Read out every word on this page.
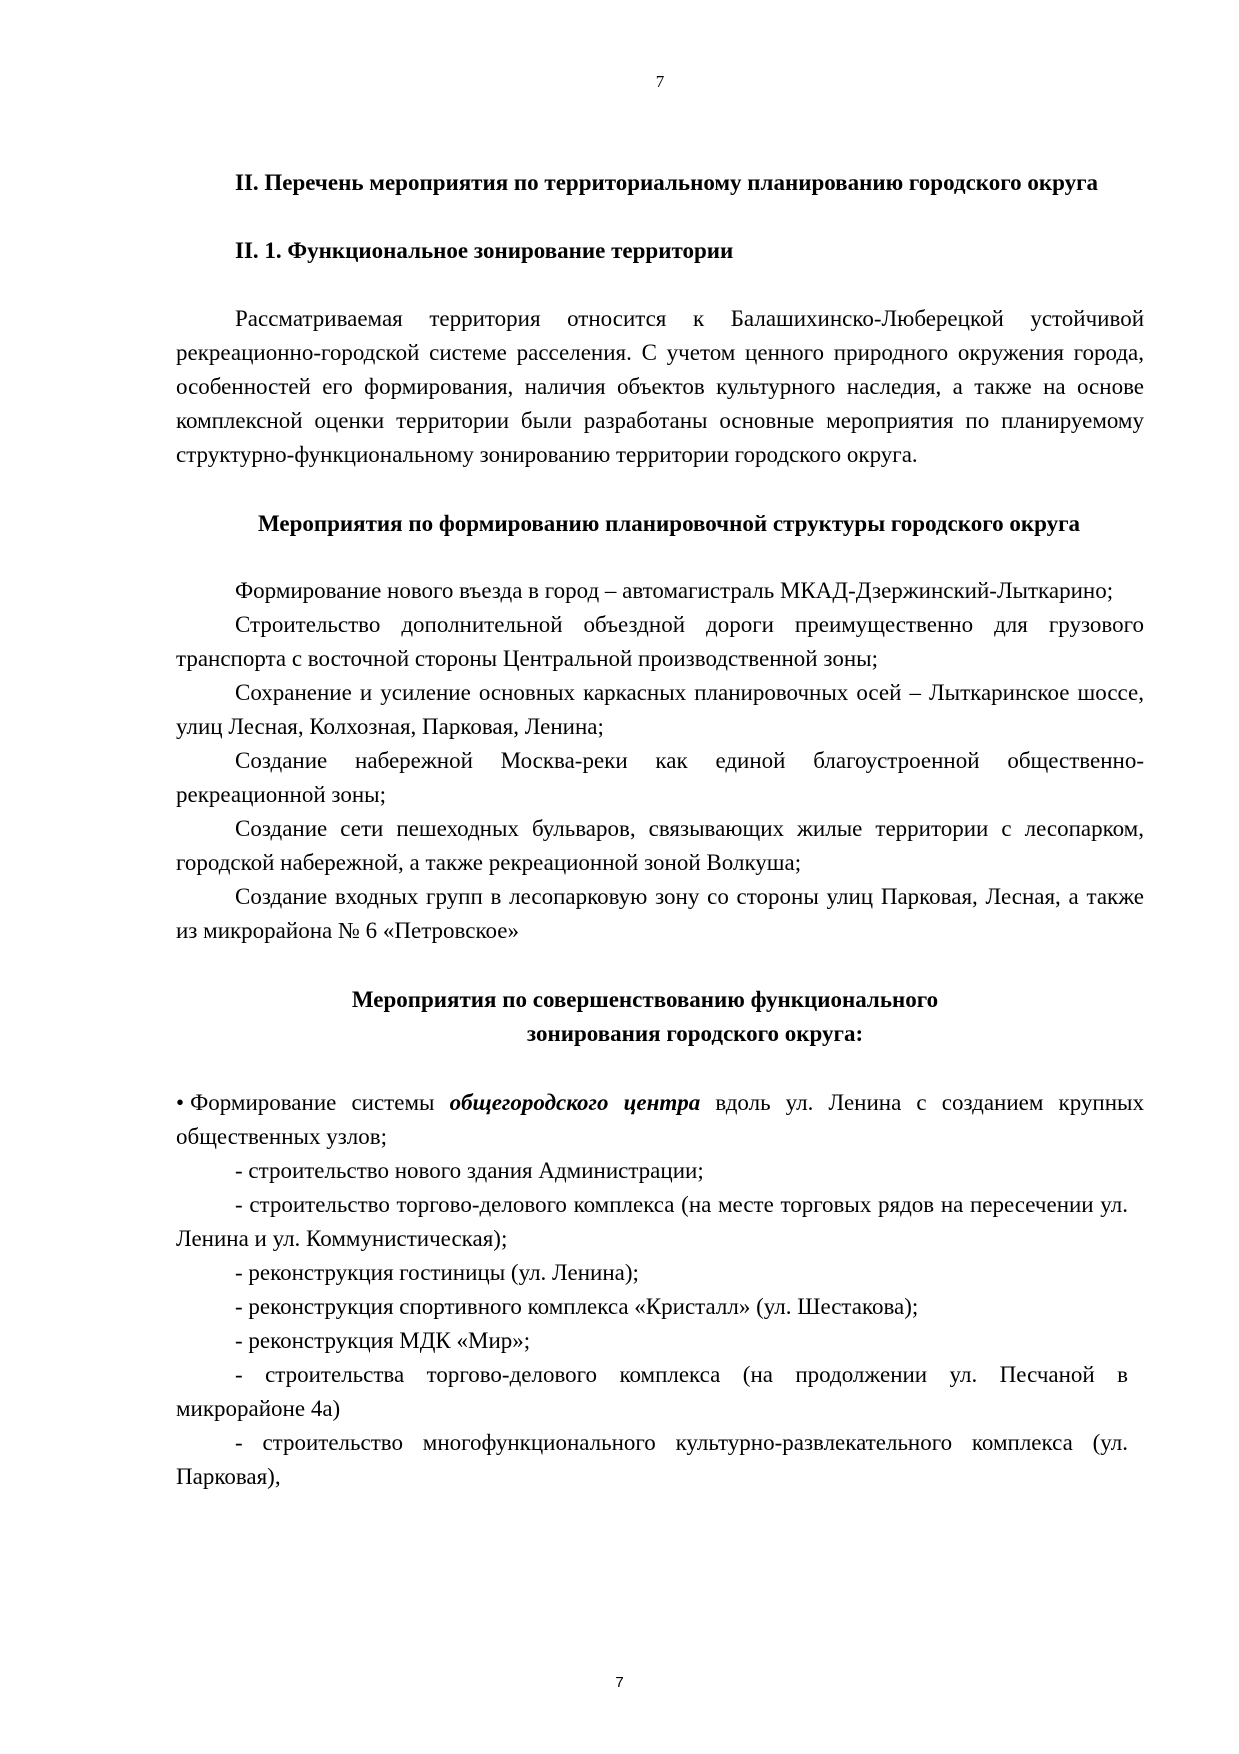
7

II. Перечень мероприятия по территориальному планированию городского округа

II. 1. Функциональное зонирование территории

Рассматриваемая территория относится к Балашихинско-Люберецкой устойчивой рекреационно-городской системе расселения. С учетом ценного природного окружения города, особенностей его формирования, наличия объектов культурного наследия, а также на основе комплексной оценки территории были разработаны основные мероприятия по планируемому структурно-функциональному зонированию территории городского округа.

Мероприятия по формированию планировочной структуры городского округа

Формирование нового въезда в город – автомагистраль МКАД-Дзержинский-Лыткарино;

Строительство дополнительной объездной дороги преимущественно для грузового транспорта с восточной стороны Центральной производственной зоны;

Сохранение и усиление основных каркасных планировочных осей – Лыткаринское шоссе, улиц Лесная, Колхозная, Парковая, Ленина;

Создание набережной Москва-реки как единой благоустроенной общественно-рекреационной зоны;

Создание сети пешеходных бульваров, связывающих жилые территории с лесопарком, городской набережной, а также рекреационной зоной Волкуша;

Создание входных групп в лесопарковую зону со стороны улиц Парковая, Лесная, а также из микрорайона № 6 «Петровское»

Мероприятия по совершенствованию функционального

зонирования городского округа:

• Формирование системы общегородского центра вдоль ул. Ленина с созданием крупных общественных узлов;

- строительство нового здания Администрации;

- строительство торгово-делового комплекса (на месте торговых рядов на пересечении ул. Ленина и ул. Коммунистическая);

- реконструкция гостиницы (ул. Ленина);

- реконструкция спортивного комплекса «Кристалл» (ул. Шестакова);

- реконструкция МДК «Мир»;

- строительства торгово-делового комплекса (на продолжении ул. Песчаной в микрорайоне 4а)

- строительство многофункционального культурно-развлекательного комплекса (ул. Парковая),

7
